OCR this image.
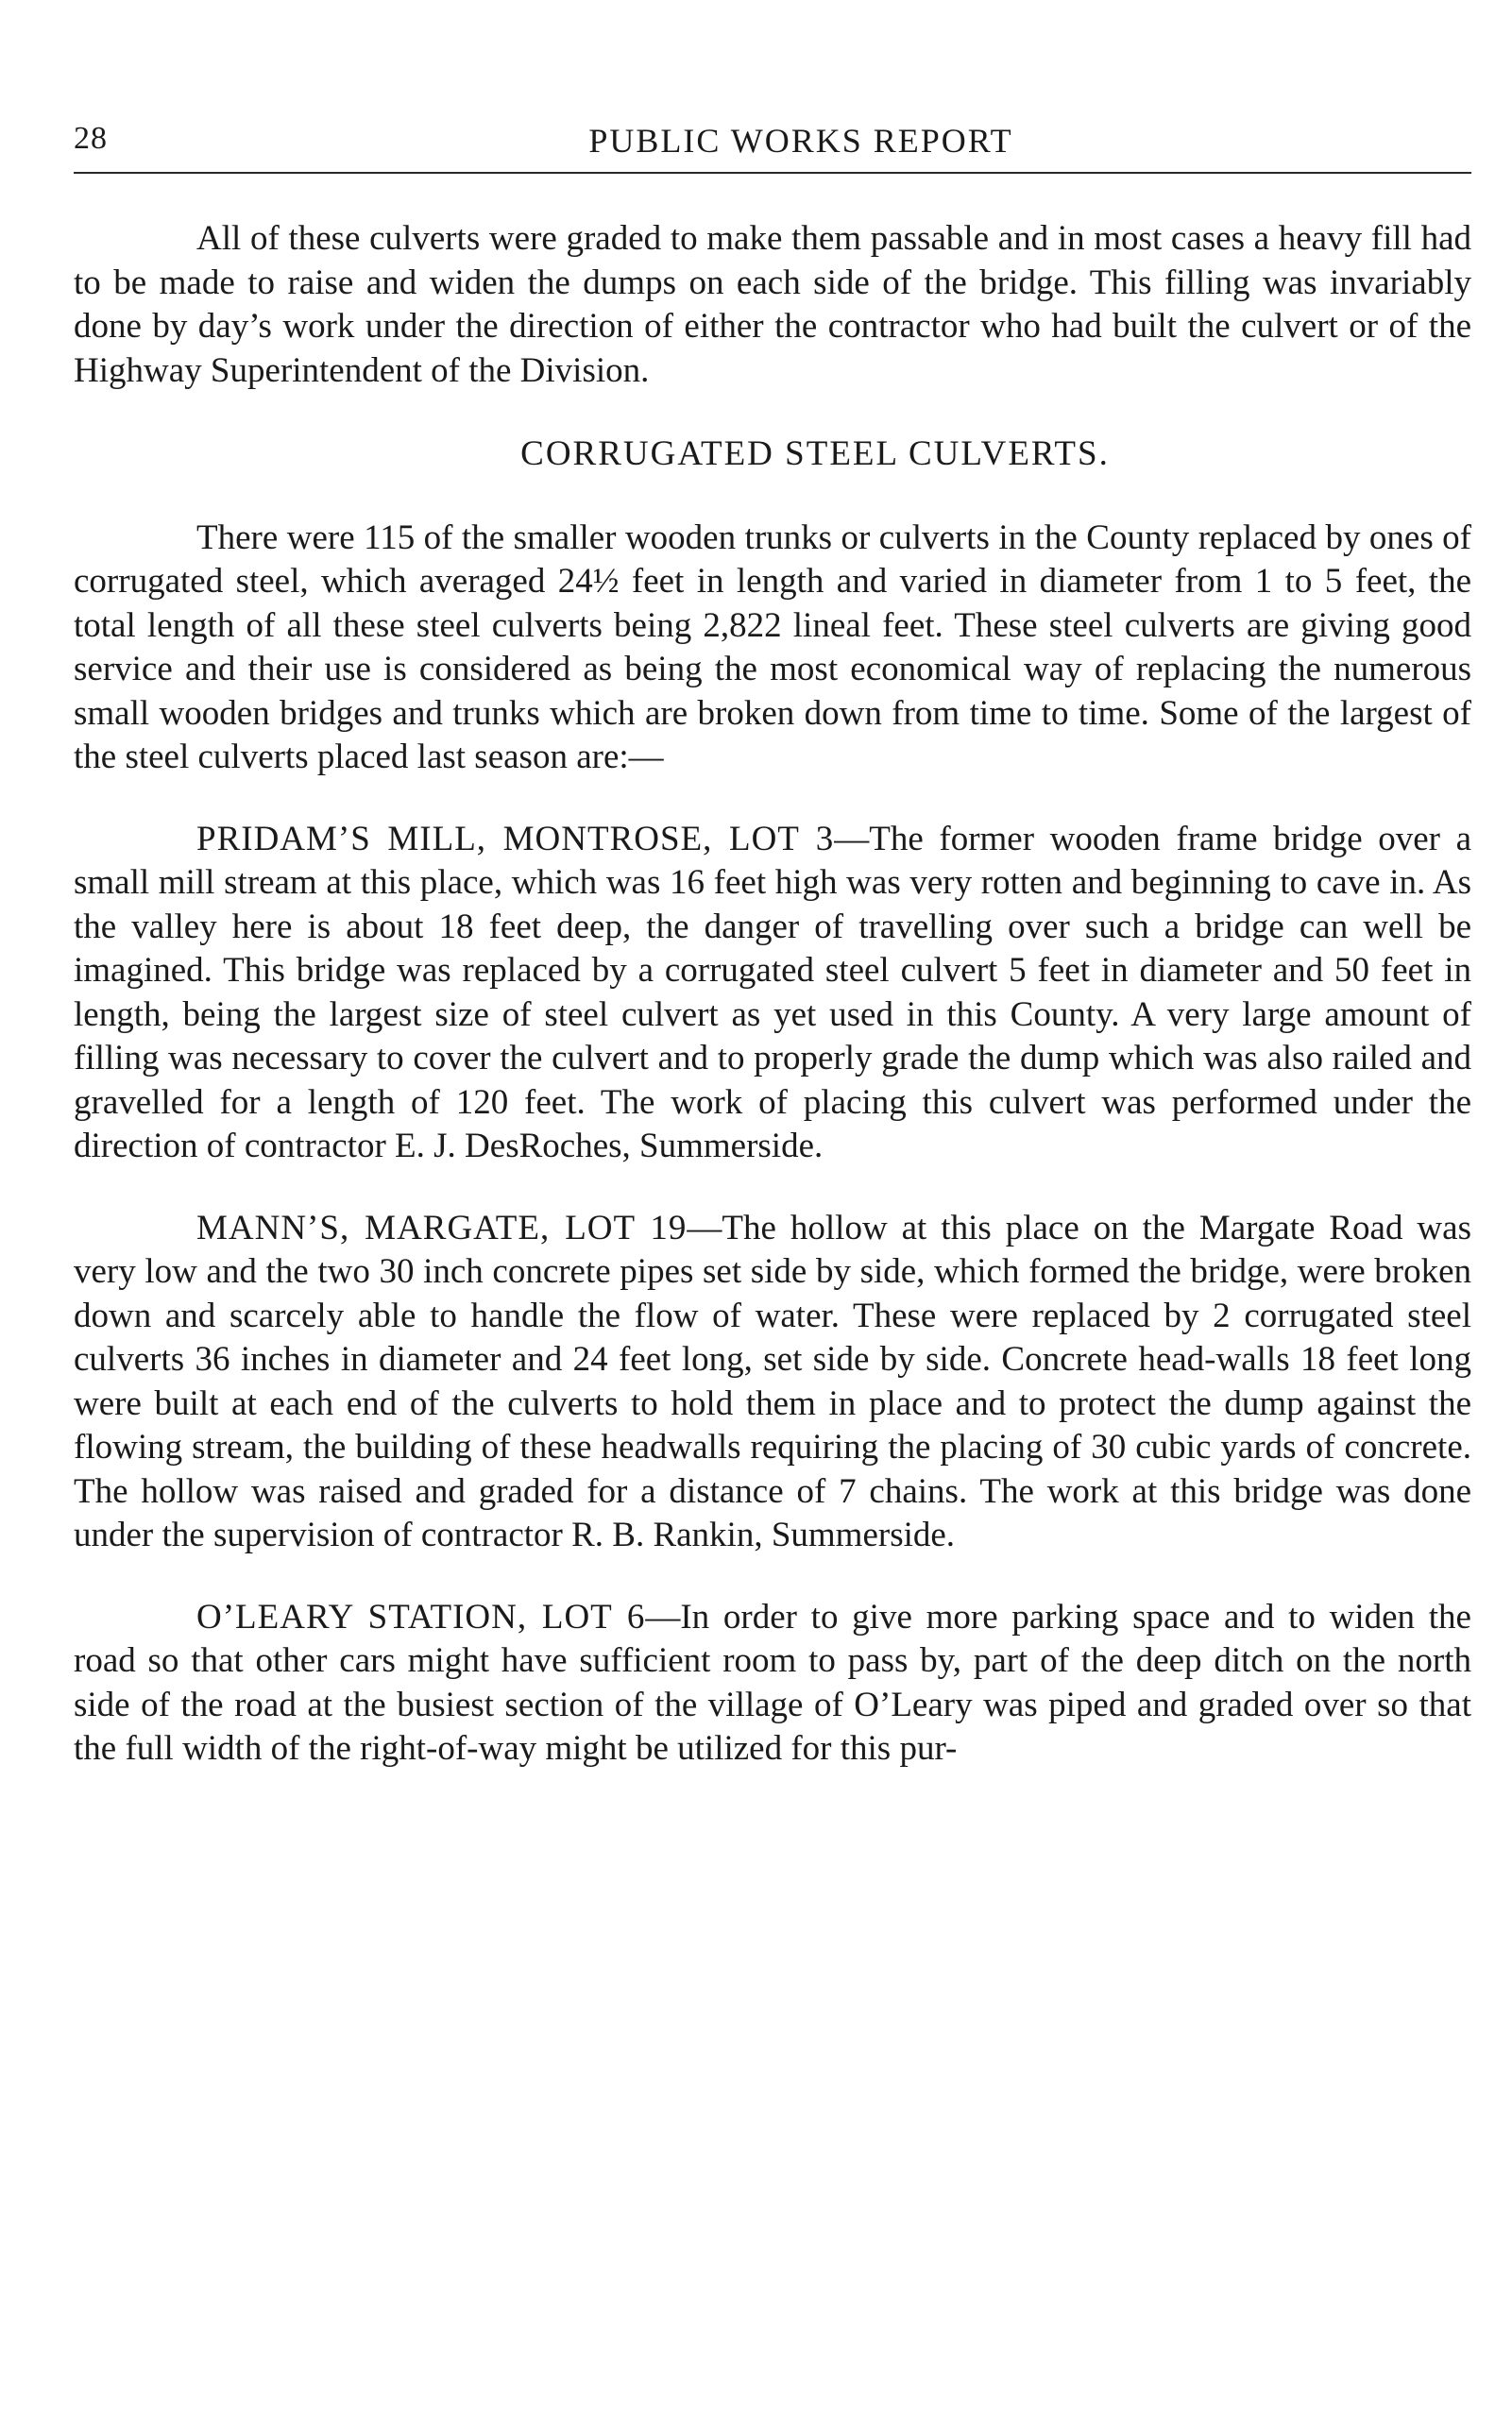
28	PUBLIC WORKS REPORT

All of these culverts were graded to make them passable and in most cases a heavy fill had to be made to raise and widen the dumps on each side of the bridge. This filling was invariably done by day’s work under the direction of either the contractor who had built the culvert or of the Highway Superintendent of the Division.

CORRUGATED STEEL CULVERTS.

There were 115 of the smaller wooden trunks or culverts in the County replaced by ones of corrugated steel, which averaged 24½ feet in length and varied in diameter from 1 to 5 feet, the total length of all these steel culverts being 2,822 lineal feet. These steel culverts are giving good service and their use is considered as being the most economical way of replacing the numerous small wooden bridges and trunks which are broken down from time to time. Some of the largest of the steel culverts placed last season are:—

PRIDAM’S MILL, MONTROSE, LOT 3—The former wooden frame bridge over a small mill stream at this place, which was 16 feet high was very rotten and beginning to cave in. As the valley here is about 18 feet deep, the danger of travelling over such a bridge can well be imagined. This bridge was replaced by a corrugated steel culvert 5 feet in diameter and 50 feet in length, being the largest size of steel culvert as yet used in this County. A very large amount of filling was necessary to cover the culvert and to properly grade the dump which was also railed and gravelled for a length of 120 feet. The work of placing this culvert was performed under the direction of contractor E. J. DesRoches, Summerside.

MANN’S, MARGATE, LOT 19—The hollow at this place on the Margate Road was very low and the two 30 inch concrete pipes set side by side, which formed the bridge, were broken down and scarcely able to handle the flow of water. These were replaced by 2 corrugated steel culverts 36 inches in diameter and 24 feet long, set side by side. Concrete head-walls 18 feet long were built at each end of the culverts to hold them in place and to protect the dump against the flowing stream, the building of these headwalls requiring the placing of 30 cubic yards of concrete. The hollow was raised and graded for a distance of 7 chains. The work at this bridge was done under the supervision of contractor R. B. Rankin, Summerside.

O’LEARY STATION, LOT 6—In order to give more parking space and to widen the road so that other cars might have sufficient room to pass by, part of the deep ditch on the north side of the road at the busiest section of the village of O’Leary was piped and graded over so that the full width of the right-of-way might be utilized for this pur-
